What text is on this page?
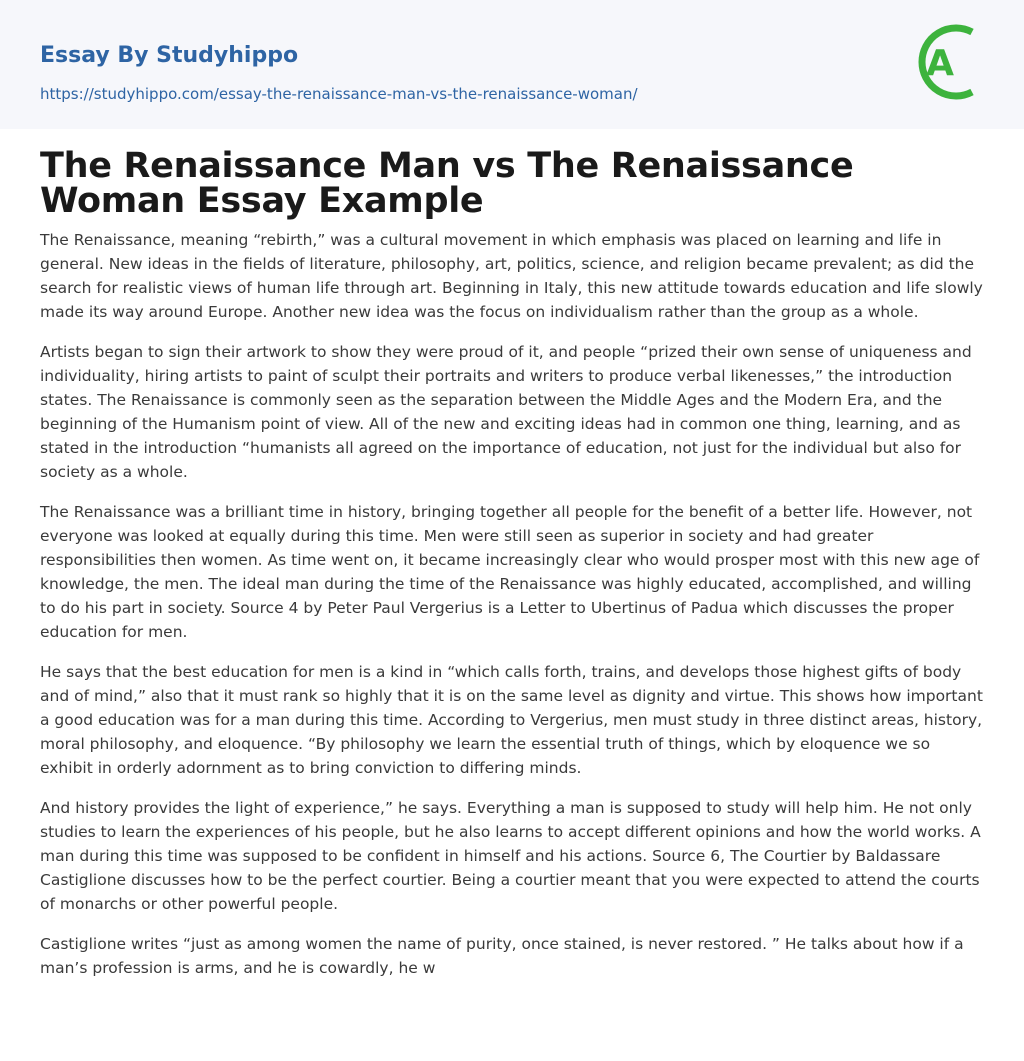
Essay By Studyhippo
https://studyhippo.com/essay-the-renaissance-man-vs-the-renaissance-woman/
A
The Renaissance Man vs The Renaissance Woman Essay Example

The Renaissance, meaning “rebirth,” was a cultural movement in which emphasis was placed on learning and life in general. New ideas in the fields of literature, philosophy, art, politics, science, and religion became prevalent; as did the search for realistic views of human life through art. Beginning in Italy, this new attitude towards education and life slowly made its way around Europe. Another new idea was the focus on individualism rather than the group as a whole.

Artists began to sign their artwork to show they were proud of it, and people “prized their own sense of uniqueness and individuality, hiring artists to paint of sculpt their portraits and writers to produce verbal likenesses,” the introduction states. The Renaissance is commonly seen as the separation between the Middle Ages and the Modern Era, and the beginning of the Humanism point of view. All of the new and exciting ideas had in common one thing, learning, and as stated in the introduction “humanists all agreed on the importance of education, not just for the individual but also for society as a whole.

The Renaissance was a brilliant time in history, bringing together all people for the benefit of a better life. However, not everyone was looked at equally during this time. Men were still seen as superior in society and had greater responsibilities then women. As time went on, it became increasingly clear who would prosper most with this new age of knowledge, the men. The ideal man during the time of the Renaissance was highly educated, accomplished, and willing to do his part in society. Source 4 by Peter Paul Vergerius is a Letter to Ubertinus of Padua which discusses the proper education for men.

He says that the best education for men is a kind in “which calls forth, trains, and develops those highest gifts of body and of mind,” also that it must rank so highly that it is on the same level as dignity and virtue. This shows how important a good education was for a man during this time. According to Vergerius, men must study in three distinct areas, history, moral philosophy, and eloquence. “By philosophy we learn the essential truth of things, which by eloquence we so exhibit in orderly adornment as to bring conviction to differing minds.

And history provides the light of experience,” he says. Everything a man is supposed to study will help him. He not only studies to learn the experiences of his people, but he also learns to accept different opinions and how the world works. A man during this time was supposed to be confident in himself and his actions. Source 6, The Courtier by Baldassare Castiglione discusses how to be the perfect courtier. Being a courtier meant that you were expected to attend the courts of monarchs or other powerful people.

Castiglione writes “just as among women the name of purity, once stained, is never restored. ” He talks about how if a man’s profession is arms, and he is cowardly, he w
